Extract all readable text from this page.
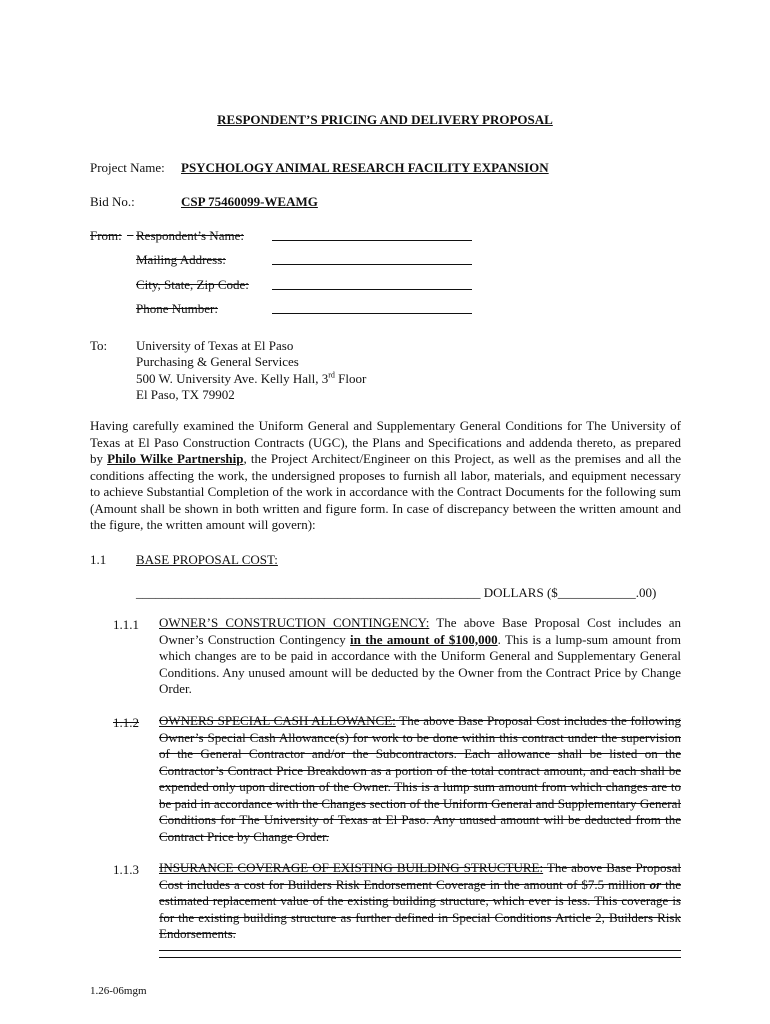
RESPONDENT’S PRICING AND DELIVERY PROPOSAL
Project Name: PSYCHOLOGY ANIMAL RESEARCH FACILITY EXPANSION
Bid No.:	CSP 75460099-WEAMG
From:
Respondent’s Name:
Mailing Address:
City, State, Zip Code:
Phone Number:
To: University of Texas at El Paso
Purchasing & General Services
500 W. University Ave. Kelly Hall, 3rd Floor
El Paso, TX 79902
Having carefully examined the Uniform General and Supplementary General Conditions for The University of Texas at El Paso Construction Contracts (UGC), the Plans and Specifications and addenda thereto, as prepared by Philo Wilke Partnership, the Project Architect/Engineer on this Project, as well as the premises and all the conditions affecting the work, the undersigned proposes to furnish all labor, materials, and equipment necessary to achieve Substantial Completion of the work in accordance with the Contract Documents for the following sum (Amount shall be shown in both written and figure form. In case of discrepancy between the written amount and the figure, the written amount will govern):
1.1 BASE PROPOSAL COST:
_____________________________________________________ DOLLARS ($____________.00)
1.1.1 OWNER’S CONSTRUCTION CONTINGENCY: The above Base Proposal Cost includes an Owner’s Construction Contingency in the amount of $100,000. This is a lump-sum amount from which changes are to be paid in accordance with the Uniform General and Supplementary General Conditions. Any unused amount will be deducted by the Owner from the Contract Price by Change Order.
1.1.2 OWNERS SPECIAL CASH ALLOWANCE: The above Base Proposal Cost includes the following Owner’s Special Cash Allowance(s) for work to be done within this contract under the supervision of the General Contractor and/or the Subcontractors. Each allowance shall be listed on the Contractor’s Contract Price Breakdown as a portion of the total contract amount, and each shall be expended only upon direction of the Owner. This is a lump sum amount from which changes are to be paid in accordance with the Changes section of the Uniform General and Supplementary General Conditions for The University of Texas at El Paso. Any unused amount will be deducted from the Contract Price by Change Order.
1.1.3 INSURANCE COVERAGE OF EXISTING BUILDING STRUCTURE: The above Base Proposal Cost includes a cost for Builders Risk Endorsement Coverage in the amount of $7.5 million or the estimated replacement value of the existing building structure, which ever is less. This coverage is for the existing building structure as further defined in Special Conditions Article 2, Builders Risk Endorsements.
1.26-06mgm
